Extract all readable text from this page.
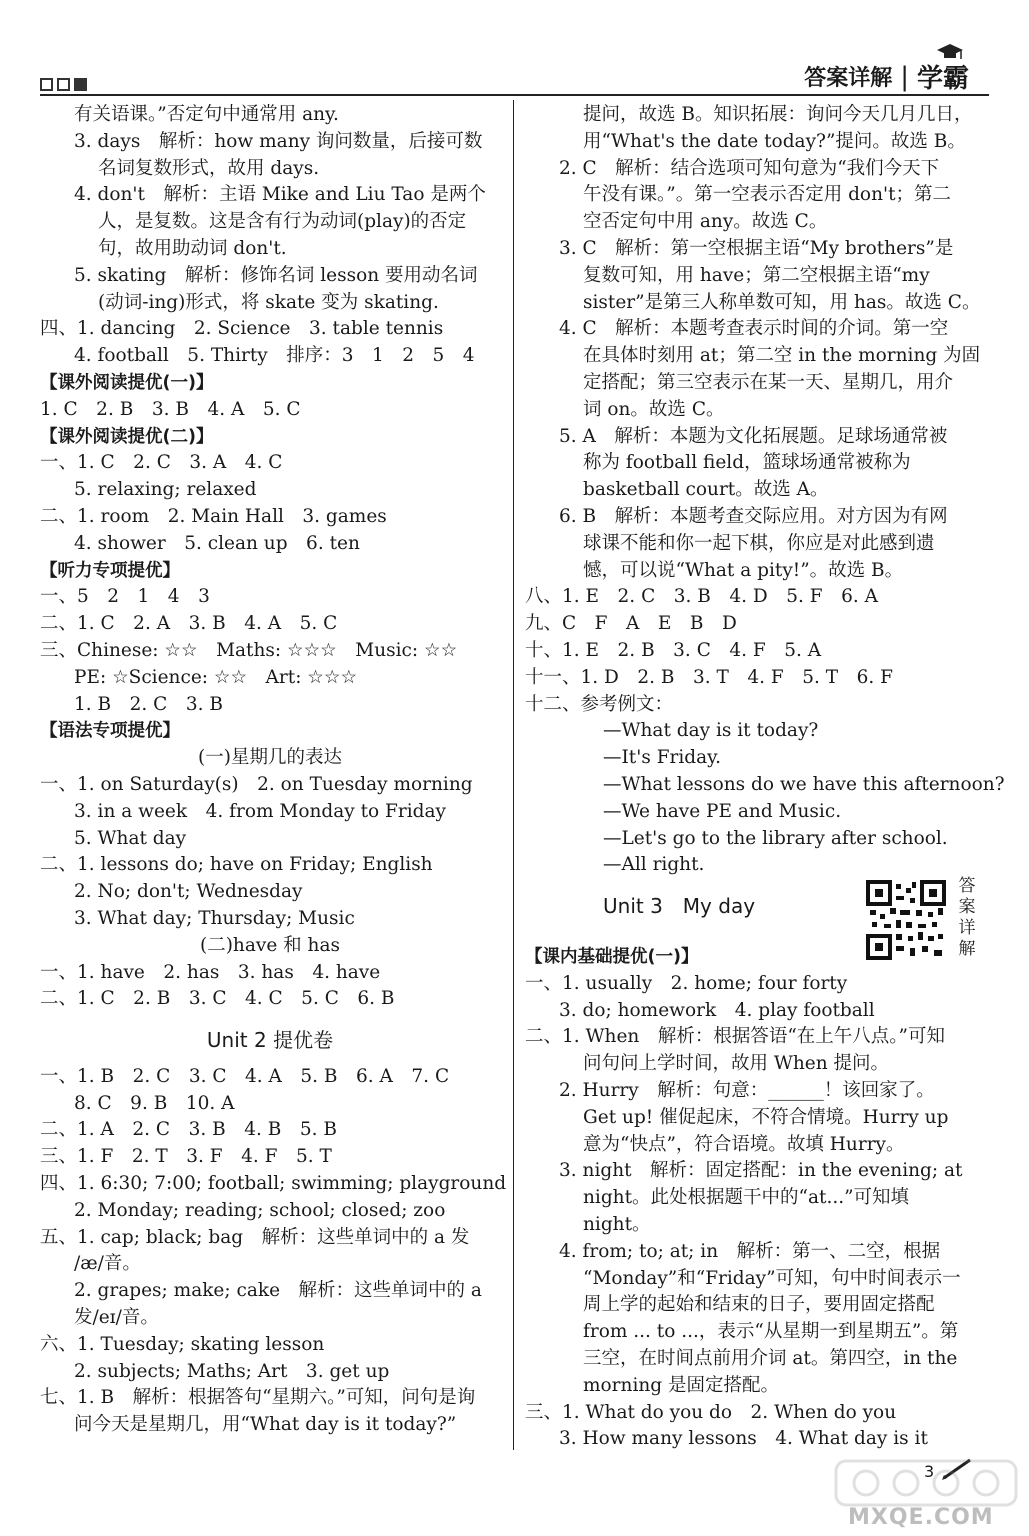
答案详解 | 学霸

有关语课。”否定句中通常用 any.

3. days　解析：how many 询问数量，后接可数

名词复数形式，故用 days.

4. don't　解析：主语 Mike and Liu Tao 是两个

人，是复数。这是含有行为动词(play)的否定

句，故用助动词 don't.

5. skating　解析：修饰名词 lesson 要用动名词

(动词-ing)形式，将 skate 变为 skating.

四、1. dancing　2. Science　3. table tennis

4. football　5. Thirty　排序：3　1　2　5　4

【课外阅读提优(一)】

1. C　2. B　3. B　4. A　5. C

【课外阅读提优(二)】

一、1. C　2. C　3. A　4. C

5. relaxing; relaxed

二、1. room　2. Main Hall　3. games

4. shower　5. clean up　6. ten

【听力专项提优】

一、5　2　1　4　3

二、1. C　2. A　3. B　4. A　5. C

三、Chinese: ☆☆　Maths: ☆☆☆　Music: ☆☆

PE: ☆Science: ☆☆　Art: ☆☆☆

1. B　2. C　3. B

【语法专项提优】

(一)星期几的表达

一、1. on Saturday(s)　2. on Tuesday morning

3. in a week　4. from Monday to Friday

5. What day

二、1. lessons do; have on Friday; English

2. No; don't; Wednesday

3. What day; Thursday; Music

(二)have 和 has

一、1. have　2. has　3. has　4. have

二、1. C　2. B　3. C　4. C　5. C　6. B

Unit 2 提优卷

一、1. B　2. C　3. C　4. A　5. B　6. A　7. C

8. C　9. B　10. A

二、1. A　2. C　3. B　4. B　5. B

三、1. F　2. T　3. F　4. F　5. T

四、1. 6:30; 7:00; football; swimming; playground

2. Monday; reading; school; closed; zoo

五、1. cap; black; bag　解析：这些单词中的 a 发

/æ/音。

2. grapes; make; cake　解析：这些单词中的 a

发/eɪ/音。

六、1. Tuesday; skating lesson

2. subjects; Maths; Art　3. get up

七、1. B　解析：根据答句“星期六。”可知，问句是询

问今天是星期几，用“What day is it today?”

提问，故选 B。知识拓展：询问今天几月几日，

用“What's the date today?”提问。故选 B。

2. C　解析：结合选项可知句意为“我们今天下

午没有课。”。第一空表示否定用 don't；第二

空否定句中用 any。故选 C。

3. C　解析：第一空根据主语“My brothers”是

复数可知，用 have；第二空根据主语“my

sister”是第三人称单数可知，用 has。故选 C。

4. C　解析：本题考查表示时间的介词。第一空

在具体时刻用 at；第二空 in the morning 为固

定搭配；第三空表示在某一天、星期几，用介

词 on。故选 C。

5. A　解析：本题为文化拓展题。足球场通常被

称为 football field，篮球场通常被称为

basketball court。故选 A。

6. B　解析：本题考查交际应用。对方因为有网

球课不能和你一起下棋，你应是对此感到遗

憾，可以说“What a pity!”。故选 B。

八、1. E　2. C　3. B　4. D　5. F　6. A

九、C　F　A　E　B　D

十、1. E　2. B　3. C　4. F　5. A

十一、1. D　2. B　3. T　4. F　5. T　6. F

十二、参考例文：

—What day is it today?

—It's Friday.

—What lessons do we have this afternoon?

—We have PE and Music.

—Let's go to the library after school.

—All right.

Unit 3　My day

【课内基础提优(一)】

一、1. usually　2. home; four forty

3. do; homework　4. play football

二、1. When　解析：根据答语“在上午八点。”可知

问句问上学时间，故用 When 提问。

2. Hurry　解析：句意：______！该回家了。

Get up! 催促起床，不符合情境。Hurry up

意为“快点”，符合语境。故填 Hurry。

3. night　解析：固定搭配：in the evening; at

night。此处根据题干中的“at...”可知填

night。

4. from; to; at; in　解析：第一、二空，根据

“Monday”和“Friday”可知，句中时间表示一

周上学的起始和结束的日子，要用固定搭配

from ... to ...，表示“从星期一到星期五”。第

三空，在时间点前用介词 at。第四空，in the

morning 是固定搭配。

三、1. What do you do　2. When do you

3. How many lessons　4. What day is it

答案详解
3
MXQE.COM
